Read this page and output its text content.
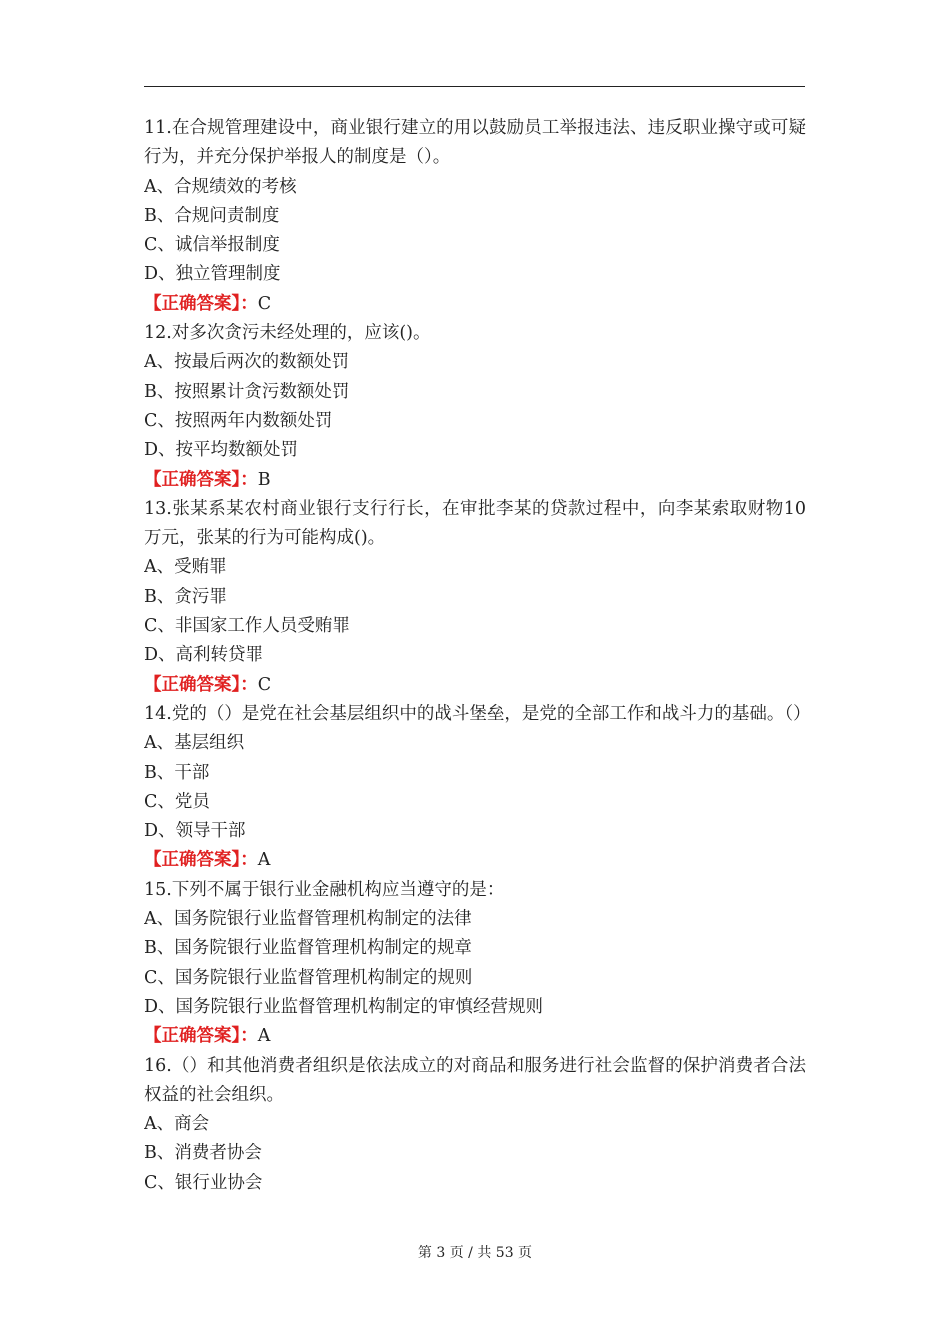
11.在合规管理建设中，商业银行建立的用以鼓励员工举报违法、违反职业操守或可疑行为，并充分保护举报人的制度是（）。
A、合规绩效的考核
B、合规问责制度
C、诚信举报制度
D、独立管理制度
【正确答案】：C
12.对多次贪污未经处理的，应该()。
A、按最后两次的数额处罚
B、按照累计贪污数额处罚
C、按照两年内数额处罚
D、按平均数额处罚
【正确答案】：B
13.张某系某农村商业银行支行行长，在审批李某的贷款过程中，向李某索取财物10万元，张某的行为可能构成()。
A、受贿罪
B、贪污罪
C、非国家工作人员受贿罪
D、高利转贷罪
【正确答案】：C
14.党的（）是党在社会基层组织中的战斗堡垒，是党的全部工作和战斗力的基础。（）
A、基层组织
B、干部
C、党员
D、领导干部
【正确答案】：A
15.下列不属于银行业金融机构应当遵守的是：
A、国务院银行业监督管理机构制定的法律
B、国务院银行业监督管理机构制定的规章
C、国务院银行业监督管理机构制定的规则
D、国务院银行业监督管理机构制定的审慎经营规则
【正确答案】：A
16.（）和其他消费者组织是依法成立的对商品和服务进行社会监督的保护消费者合法权益的社会组织。
A、商会
B、消费者协会
C、银行业协会
第 3 页 / 共 53 页
